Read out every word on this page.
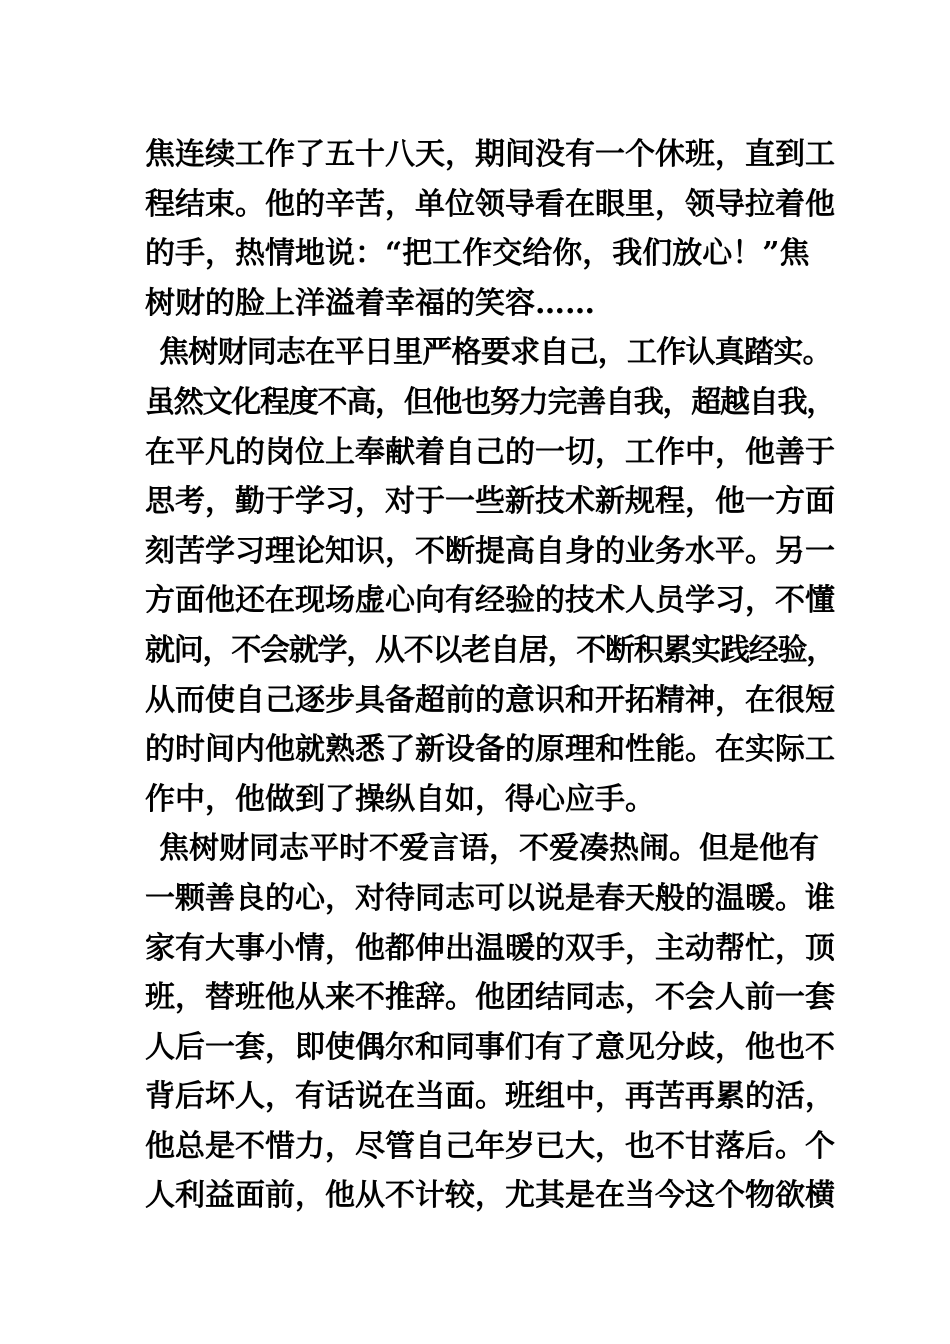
焦连续工作了五十八天，期间没有一个休班，直到工
程结束。他的辛苦，单位领导看在眼里，领导拉着他
的手，热情地说：“把工作交给你，我们放心！”焦
树财的脸上洋溢着幸福的笑容……
焦树财同志在平日里严格要求自己，工作认真踏实。
虽然文化程度不高，但他也努力完善自我，超越自我，
在平凡的岗位上奉献着自己的一切，工作中，他善于
思考，勤于学习，对于一些新技术新规程，他一方面
刻苦学习理论知识，不断提高自身的业务水平。另一
方面他还在现场虚心向有经验的技术人员学习，不懂
就问，不会就学，从不以老自居，不断积累实践经验，
从而使自己逐步具备超前的意识和开拓精神，在很短
的时间内他就熟悉了新设备的原理和性能。在实际工
作中，他做到了操纵自如，得心应手。
焦树财同志平时不爱言语，不爱凑热闹。但是他有
一颗善良的心，对待同志可以说是春天般的温暖。谁
家有大事小情，他都伸出温暖的双手，主动帮忙，顶
班，替班他从来不推辞。他团结同志，不会人前一套
人后一套，即使偶尔和同事们有了意见分歧，他也不
背后坏人，有话说在当面。班组中，再苦再累的活，
他总是不惜力，尽管自己年岁已大，也不甘落后。个
人利益面前，他从不计较，尤其是在当今这个物欲横
